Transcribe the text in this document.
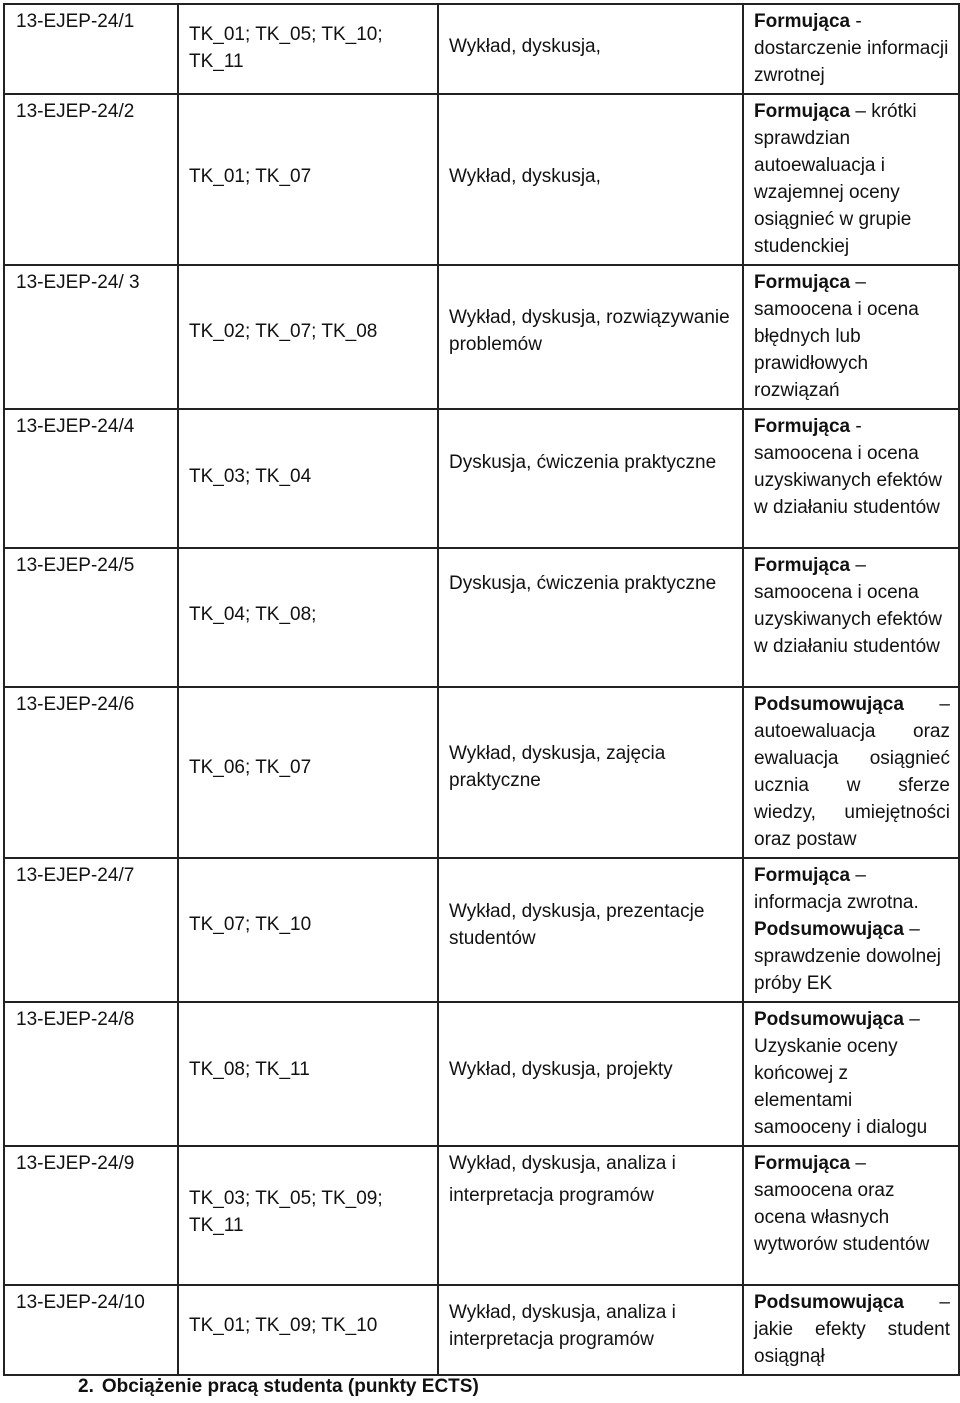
13-EJEP-24/1	TK_01; TK_05; TK_10; TK_11	Wykład, dyskusja,	Formująca - dostarczenie informacji zwrotnej
13-EJEP-24/2	TK_01; TK_07	Wykład, dyskusja,	Formująca – krótki sprawdzian autoewaluacja i wzajemnej oceny osiągnieć w grupie studenckiej
13-EJEP-24/ 3	TK_02; TK_07; TK_08	Wykład, dyskusja, rozwiązywanie problemów	Formująca – samoocena i ocena błędnych lub prawidłowych rozwiązań
13-EJEP-24/4	TK_03; TK_04	Dyskusja, ćwiczenia praktyczne	Formująca - samoocena i ocena uzyskiwanych efektów w działaniu studentów
13-EJEP-24/5	TK_04; TK_08;	Dyskusja, ćwiczenia praktyczne	Formująca – samoocena i ocena uzyskiwanych efektów w działaniu studentów
13-EJEP-24/6	TK_06; TK_07	Wykład, dyskusja, zajęcia praktyczne	Podsumowująca – autoewaluacja oraz ewaluacja osiągnieć ucznia w sferze wiedzy, umiejętności oraz postaw
13-EJEP-24/7	TK_07; TK_10	Wykład, dyskusja, prezentacje studentów	Formująca – informacja zwrotna.
Podsumowująca – sprawdzenie dowolnej próby EK
13-EJEP-24/8	TK_08; TK_11	Wykład, dyskusja, projekty	Podsumowująca – Uzyskanie oceny końcowej z elementami samooceny i dialogu
13-EJEP-24/9	TK_03; TK_05; TK_09; TK_11	Wykład, dyskusja, analiza i interpretacja programów	Formująca – samoocena oraz ocena własnych wytworów studentów
13-EJEP-24/10	TK_01; TK_09; TK_10	Wykład, dyskusja, analiza i interpretacja programów	Podsumowująca – jakie efekty student osiągnął
2. Obciążenie pracą studenta (punkty ECTS)
